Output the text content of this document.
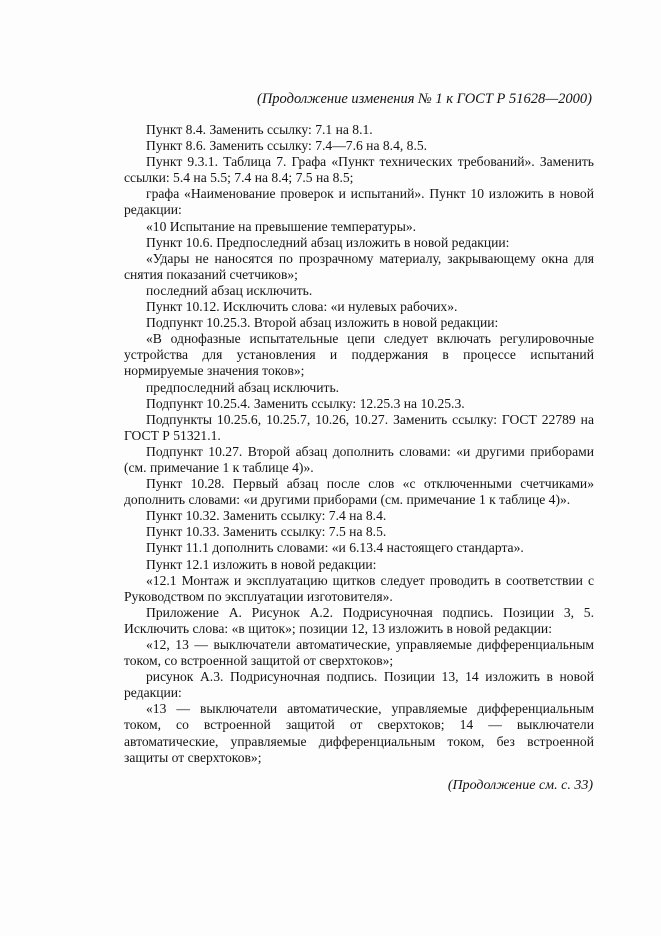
(Продолжение изменения № 1 к ГОСТ Р 51628—2000)

Пункт 8.4. Заменить ссылку: 7.1 на 8.1.

Пункт 8.6. Заменить ссылку: 7.4—7.6 на 8.4, 8.5.

Пункт 9.3.1. Таблица 7. Графа «Пункт технических требований». Заменить ссылки: 5.4 на 5.5; 7.4 на 8.4; 7.5 на 8.5;

графа «Наименование проверок и испытаний». Пункт 10 изложить в новой редакции:

«10 Испытание на превышение температуры».

Пункт 10.6. Предпоследний абзац изложить в новой редакции:

«Удары не наносятся по прозрачному материалу, закрывающему окна для снятия показаний счетчиков»;

последний абзац исключить.

Пункт 10.12. Исключить слова: «и нулевых рабочих».

Подпункт 10.25.3. Второй абзац изложить в новой редакции:

«В однофазные испытательные цепи следует включать регулировочные устройства для установления и поддержания в процессе испытаний нормируемые значения токов»;

предпоследний абзац исключить.

Подпункт 10.25.4. Заменить ссылку: 12.25.3 на 10.25.3.

Подпункты 10.25.6, 10.25.7, 10.26, 10.27. Заменить ссылку: ГОСТ 22789 на ГОСТ Р 51321.1.

Подпункт 10.27. Второй абзац дополнить словами: «и другими приборами (см. примечание 1 к таблице 4)».

Пункт 10.28. Первый абзац после слов «с отключенными счетчиками» дополнить словами: «и другими приборами (см. примечание 1 к таблице 4)».

Пункт 10.32. Заменить ссылку: 7.4 на 8.4.

Пункт 10.33. Заменить ссылку: 7.5 на 8.5.

Пункт 11.1 дополнить словами: «и 6.13.4 настоящего стандарта».

Пункт 12.1 изложить в новой редакции:

«12.1 Монтаж и эксплуатацию щитков следует проводить в соответствии с Руководством по эксплуатации изготовителя».

Приложение А. Рисунок А.2. Подрисуночная подпись. Позиции 3, 5. Исключить слова: «в щиток»; позиции 12, 13 изложить в новой редакции:

«12, 13 — выключатели автоматические, управляемые дифференциальным током, со встроенной защитой от сверхтоков»;

рисунок А.3. Подрисуночная подпись. Позиции 13, 14 изложить в новой редакции:

«13 — выключатели автоматические, управляемые дифференциальным током, со встроенной защитой от сверхтоков; 14 — выключатели автоматические, управляемые дифференциальным током, без встроенной защиты от сверхтоков»;

(Продолжение см. с. 33)
